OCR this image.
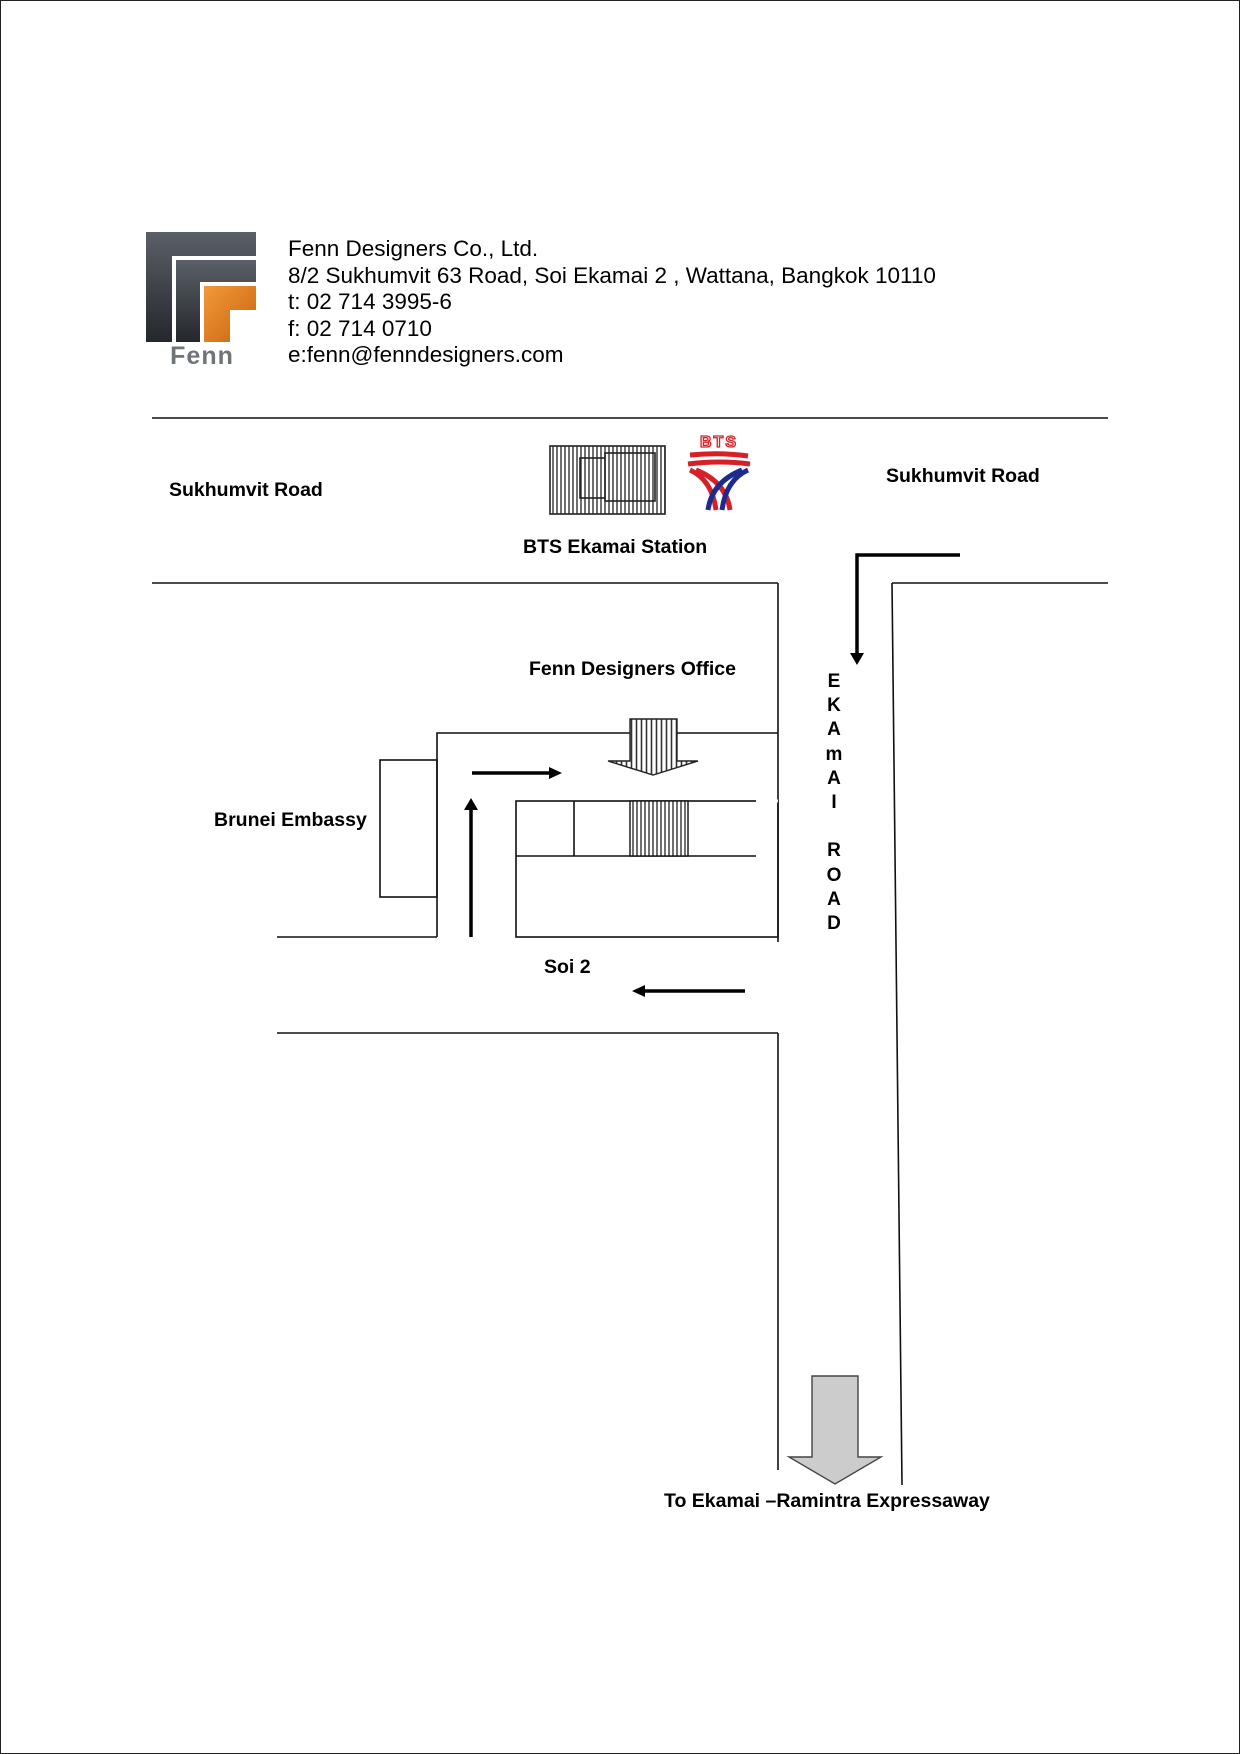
Fenn
Fenn Designers Co., Ltd.
8/2 Sukhumvit 63 Road, Soi Ekamai 2 , Wattana, Bangkok 10110
t: 02 714 3995-6
f: 02 714 0710
e:fenn@fenndesigners.com
BTS
Sukhumvit Road
Sukhumvit Road
BTS Ekamai Station
Fenn Designers Office
Brunei Embassy
Soi 2
To Ekamai –Ramintra Expressaway
E
K
A
m
A
I
R
O
A
D
